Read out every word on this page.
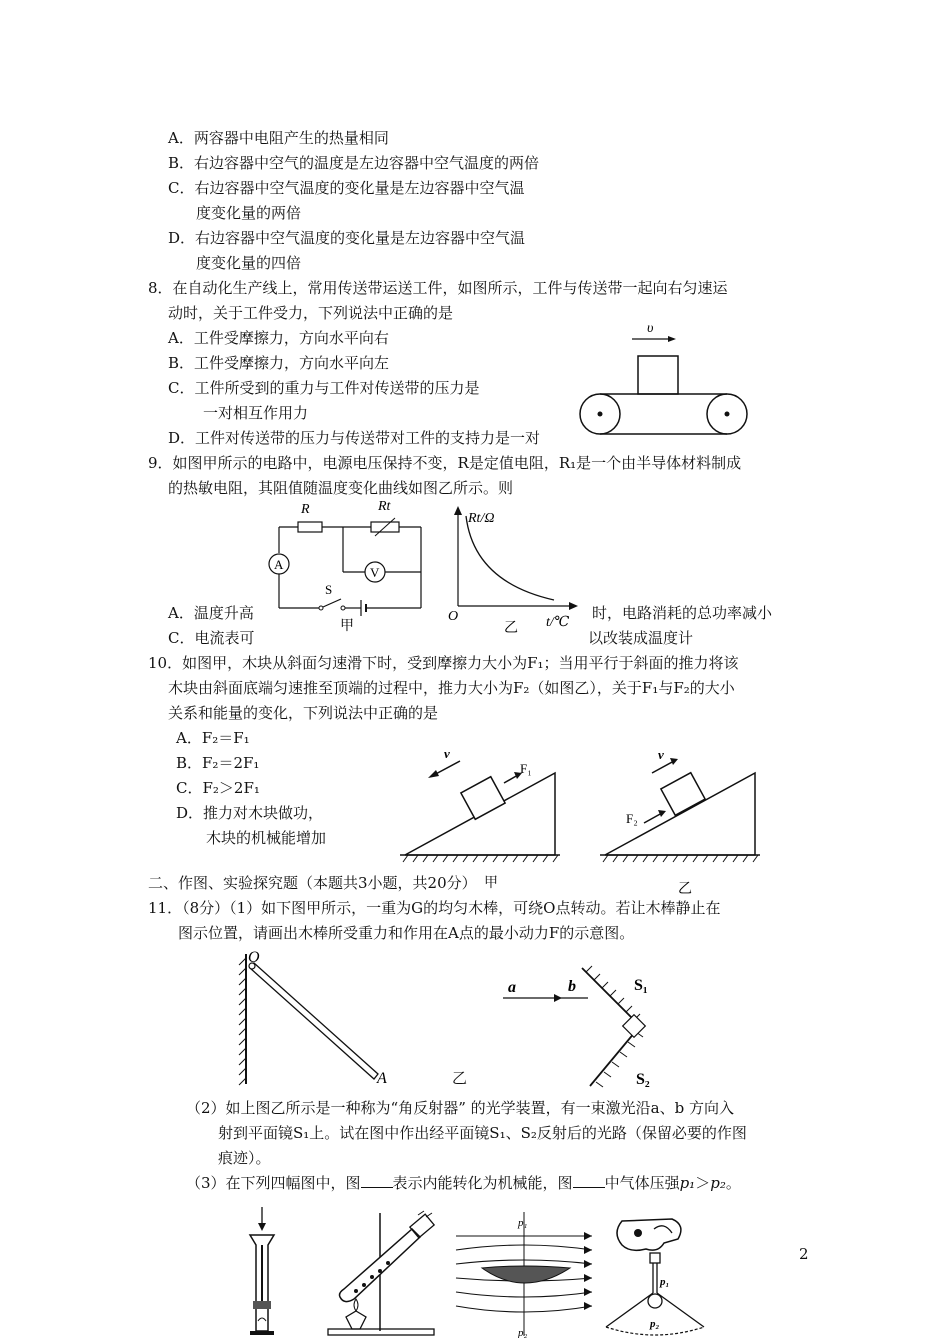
A．两容器中电阻产生的热量相同
B．右边容器中空气的温度是左边容器中空气温度的两倍
C．右边容器中空气温度的变化量是左边容器中空气温
度变化量的两倍
D．右边容器中空气温度的变化量是左边容器中空气温
度变化量的四倍
8．在自动化生产线上，常用传送带运送工件，如图所示，工件与传送带一起向右匀速运
动时，关于工件受力，下列说法中正确的是
A．工件受摩擦力，方向水平向右
B．工件受摩擦力，方向水平向左
C．工件所受到的重力与工件对传送带的压力是
一对相互作用力
D．工件对传送带的压力与传送带对工件的支持力是一对
υ
9．如图甲所示的电路中，电源电压保持不变，R是定值电阻，R₁是一个由半导体材料制成
的热敏电阻，其阻值随温度变化曲线如图乙所示。则
A．温度升高	时，电路消耗的总功率减小
C．电流表可	以改装成温度计
R	Rt
V
A
S
甲
Rt/Ω
O	t/℃
乙
10．如图甲，木块从斜面匀速滑下时，受到摩擦力大小为F₁；当用平行于斜面的推力将该
木块由斜面底端匀速推至顶端的过程中，推力大小为F₂（如图乙），关于F₁与F₂的大小
关系和能量的变化，下列说法中正确的是
A．F₂＝F₁
B．F₂＝2F₁
C．F₂＞2F₁
D．推力对木块做功，
木块的机械能增加
v
F₁
v
F₂
乙
甲
二、作图、实验探究题（本题共3小题，共20分）
11．（8分）（1）如下图甲所示，一重为G的均匀木棒，可绕O点转动。若让木棒静止在
图示位置，请画出木棒所受重力和作用在A点的最小动力F的示意图。
O
A	乙
a	b	S₁
S₂
（2）如上图乙所示是一种称为“角反射器” 的光学装置，有一束激光沿a、b 方向入
射到平面镜S₁上。试在图中作出经平面镜S₁、S₂反射后的光路（保留必要的作图
痕迹）。
（3）在下列四幅图中，图 表示内能转化为机械能，图 中气体压强p₁＞p₂。
p₁
p₂
p₁
p₂
2
